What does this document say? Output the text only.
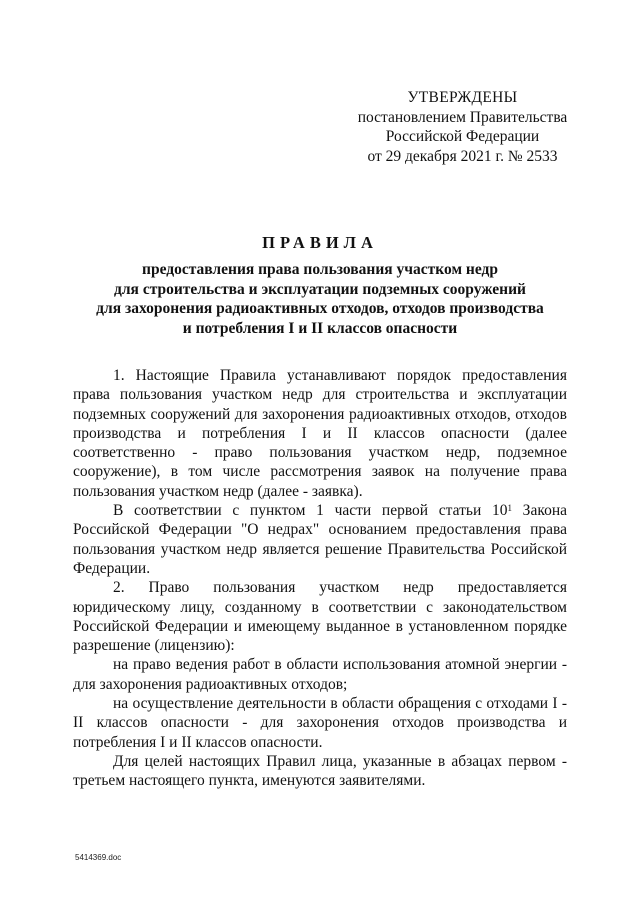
УТВЕРЖДЕНЫ
постановлением Правительства
Российской Федерации
от 29 декабря 2021 г. № 2533
ПРАВИЛА
предоставления права пользования участком недр
для строительства и эксплуатации подземных сооружений
для захоронения радиоактивных отходов, отходов производства
и потребления I и II классов опасности

1. Настоящие Правила устанавливают порядок предоставления права пользования участком недр для строительства и эксплуатации подземных сооружений для захоронения радиоактивных отходов, отходов производства и потребления I и II классов опасности (далее соответственно - право пользования участком недр, подземное сооружение), в том числе рассмотрения заявок на получение права пользования участком недр (далее - заявка).

В соответствии с пунктом 1 части первой статьи $10^1$ Закона Российской Федерации "О недрах" основанием предоставления права пользования участком недр является решение Правительства Российской Федерации.

2. Право пользования участком недр предоставляется юридическому лицу, созданному в соответствии с законодательством Российской Федерации и имеющему выданное в установленном порядке разрешение (лицензию):

на право ведения работ в области использования атомной энергии - для захоронения радиоактивных отходов;

на осуществление деятельности в области обращения с отходами I - II классов опасности - для захоронения отходов производства и потребления I и II классов опасности.

Для целей настоящих Правил лица, указанные в абзацах первом - третьем настоящего пункта, именуются заявителями.

5414369.doc
